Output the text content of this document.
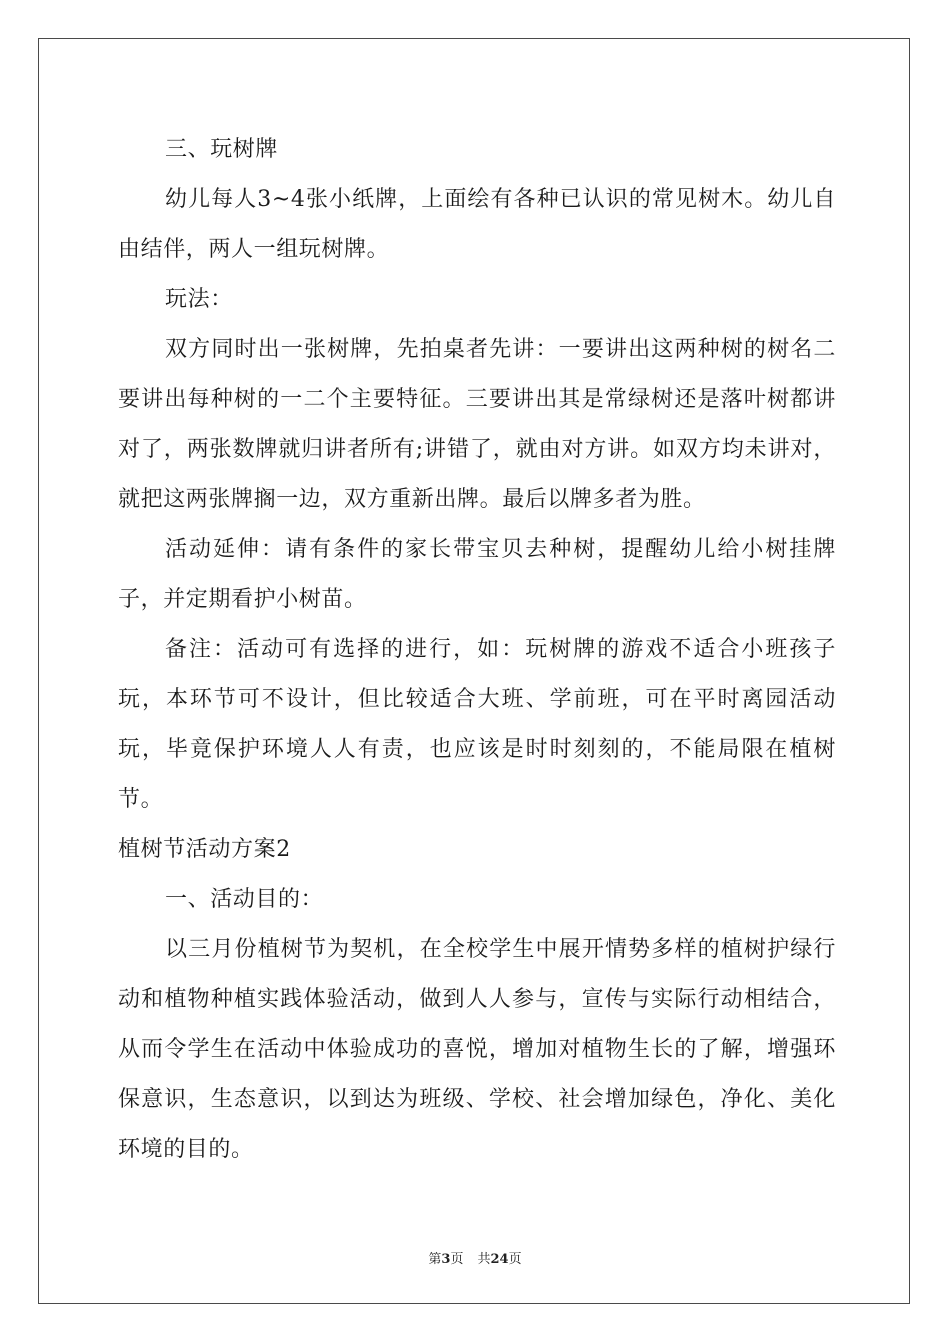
三、玩树牌

幼儿每人3~4张小纸牌，上面绘有各种已认识的常见树木。幼儿自由结伴，两人一组玩树牌。

玩法：

双方同时出一张树牌，先拍桌者先讲：一要讲出这两种树的树名二要讲出每种树的一二个主要特征。三要讲出其是常绿树还是落叶树都讲对了，两张数牌就归讲者所有;讲错了，就由对方讲。如双方均未讲对，就把这两张牌搁一边，双方重新出牌。最后以牌多者为胜。

活动延伸：请有条件的家长带宝贝去种树，提醒幼儿给小树挂牌子，并定期看护小树苗。

备注：活动可有选择的进行，如：玩树牌的游戏不适合小班孩子玩，本环节可不设计，但比较适合大班、学前班，可在平时离园活动玩，毕竟保护环境人人有责，也应该是时时刻刻的，不能局限在植树节。

植树节活动方案2

一、活动目的：

以三月份植树节为契机，在全校学生中展开情势多样的植树护绿行动和植物种植实践体验活动，做到人人参与，宣传与实际行动相结合，从而令学生在活动中体验成功的喜悦，增加对植物生长的了解，增强环保意识，生态意识，以到达为班级、学校、社会增加绿色，净化、美化环境的目的。

第3页 共24页
